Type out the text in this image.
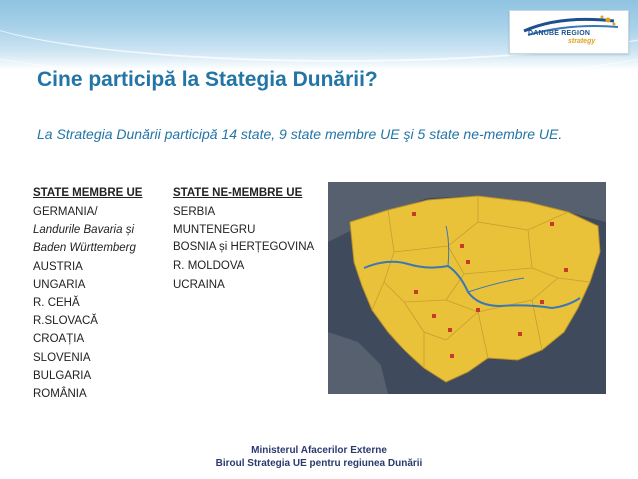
DANUBE REGION
strategy
Cine participă la Stategia Dunării?

La Strategia Dunării participă 14 state, 9 state membre UE şi 5 state ne-membre UE.

STATE MEMBRE UE
GERMANIA/
Landurile Bavaria și
Baden Württemberg
AUSTRIA
UNGARIA
R. CEHĂ
R.SLOVACĂ
CROAȚIA
SLOVENIA
BULGARIA
ROMÂNIA
STATE NE-MEMBRE UE
SERBIA
MUNTENEGRU
BOSNIA și HERȚEGOVINA
R. MOLDOVA
UCRAINA
Ministerul Afacerilor Externe
Biroul Strategia UE pentru regiunea Dunării
